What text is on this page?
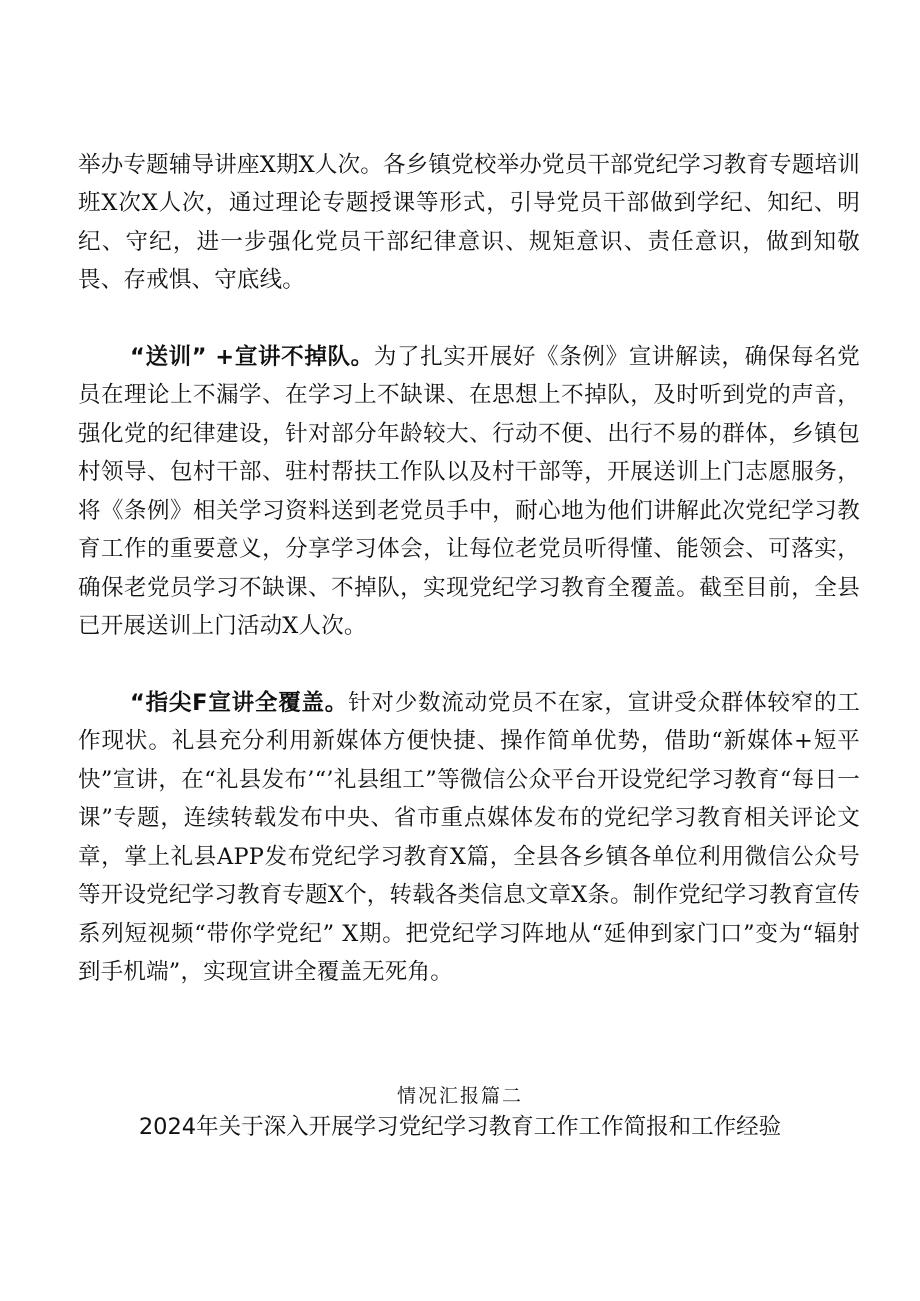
举办专题辅导讲座X期X人次。各乡镇党校举办党员干部党纪学习教育专题培训班X次X人次，通过理论专题授课等形式，引导党员干部做到学纪、知纪、明纪、守纪，进一步强化党员干部纪律意识、规矩意识、责任意识，做到知敬畏、存戒惧、守底线。

“送训” +宣讲不掉队。为了扎实开展好《条例》宣讲解读，确保每名党员在理论上不漏学、在学习上不缺课、在思想上不掉队，及时听到党的声音，强化党的纪律建设，针对部分年龄较大、行动不便、出行不易的群体，乡镇包村领导、包村干部、驻村帮扶工作队以及村干部等，开展送训上门志愿服务，将《条例》相关学习资料送到老党员手中，耐心地为他们讲解此次党纪学习教育工作的重要意义，分享学习体会，让每位老党员听得懂、能领会、可落实，确保老党员学习不缺课、不掉队，实现党纪学习教育全覆盖。截至目前，全县已开展送训上门活动X人次。

“指尖F宣讲全覆盖。针对少数流动党员不在家，宣讲受众群体较窄的工作现状。礼县充分利用新媒体方便快捷、操作简单优势，借助“新媒体+短平快”宣讲，在“礼县发布’“’礼县组工”等微信公众平台开设党纪学习教育“每日一课”专题，连续转载发布中央、省市重点媒体发布的党纪学习教育相关评论文章，掌上礼县APP发布党纪学习教育X篇，全县各乡镇各单位利用微信公众号等开设党纪学习教育专题X个，转载各类信息文章X条。制作党纪学习教育宣传系列短视频“带你学党纪” X期。把党纪学习阵地从“延伸到家门口”变为“辐射到手机端”，实现宣讲全覆盖无死角。

情况汇报篇二
2024年关于深入开展学习党纪学习教育工作工作简报和工作经验
